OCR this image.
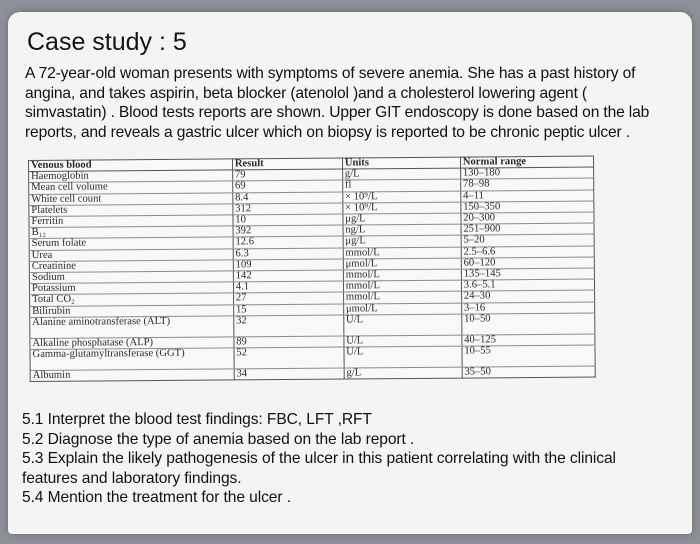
Case study : 5

A 72-year-old woman presents with symptoms of severe anemia. She has a past history of angina, and takes aspirin, beta blocker (atenolol )and a cholesterol lowering agent ( simvastatin) . Blood tests reports are shown. Upper GIT endoscopy is done based on the lab reports, and reveals a gastric ulcer which on biopsy is reported to be chronic peptic ulcer .

Venous blood	Result	Units	Normal range
Haemoglobin	79	g/L	130–180
Mean cell volume	69	fl	78–98
White cell count	8.4	× 10⁹/L	4–11
Platelets	312	× 10⁹/L	150–350
Ferritin	10	μg/L	20–300
B₁₂	392	ng/L	251–900
Serum folate	12.6	μg/L	5–20
Urea	6.3	mmol/L	2.5–6.6
Creatinine	109	μmol/L	60–120
Sodium	142	mmol/L	135–145
Potassium	4.1	mmol/L	3.6–5.1
Total CO₂	27	mmol/L	24–30
Bilirubin	15	μmol/L	3–16
Alanine aminotransferase (ALT)	32	U/L	10–50
Alkaline phosphatase (ALP)	89	U/L	40–125
Gamma-glutamyltransferase (GGT)	52	U/L	10–55
Albumin	34	g/L	35–50
5.1 Interpret the blood test findings: FBC, LFT ,RFT
5.2 Diagnose the type of anemia based on the lab report .
5.3 Explain the likely pathogenesis of the ulcer in this patient correlating with the clinical features and laboratory findings.
5.4 Mention the treatment for the ulcer .
